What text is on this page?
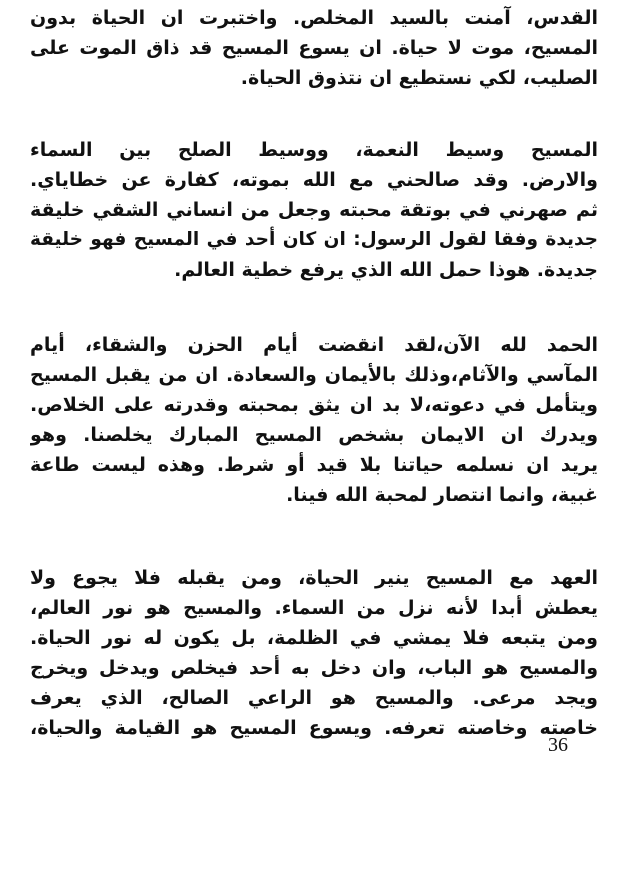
القدس، آمنت بالسيد المخلص. واختبرت ان الحياة بدون
المسيح، موت لا حياة. ان يسوع المسيح قد ذاق الموت على
الصليب، لكي نستطيع ان نتذوق الحياة.
المسيح وسيط النعمة، ووسيط الصلح بين السماء
والارض. وقد صالحني مع الله بموته، كفارة عن خطاياي.
ثم صهرني في بوتقة محبته وجعل من انساني الشقي خليقة
جديدة وفقا لقول الرسول: ان كان أحد في المسيح فهو خليقة
جديدة. هوذا حمل الله الذي يرفع خطية العالم.
الحمد لله الآن،لقد انقضت أيام الحزن والشقاء، أيام
المآسي والآثام،وذلك بالأيمان والسعادة. ان من يقبل المسيح
ويتأمل في دعوته،لا بد ان يثق بمحبته وقدرته على الخلاص.
ويدرك ان الايمان بشخص المسيح المبارك يخلصنا. وهو
يريد ان نسلمه حياتنا بلا قيد أو شرط. وهذه ليست طاعة
غبية، وانما انتصار لمحبة الله فينا.
العهد مع المسيح ينير الحياة، ومن يقبله فلا يجوع ولا
يعطش أبدا لأنه نزل من السماء. والمسيح هو نور العالم،
ومن يتبعه فلا يمشي في الظلمة، بل يكون له نور الحياة.
والمسيح هو الباب، وان دخل به أحد فيخلص ويدخل ويخرج
ويجد مرعى. والمسيح هو الراعي الصالح، الذي يعرف
خاصته وخاصته تعرفه. ويسوع المسيح هو القيامة والحياة،
36
